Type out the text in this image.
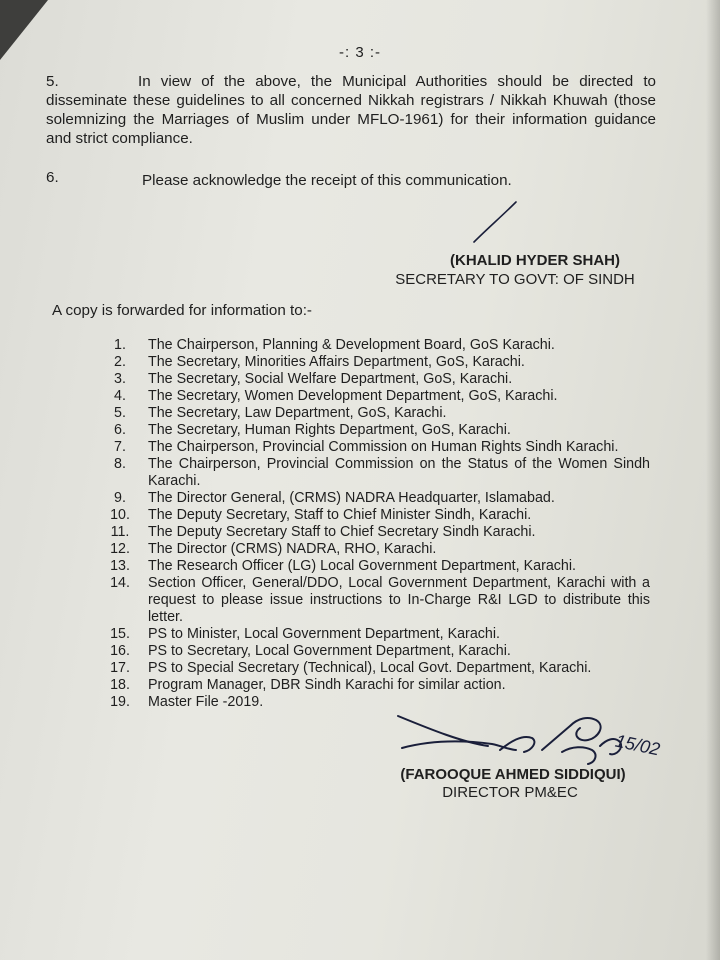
-: 3 :-
5.	In view of the above, the Municipal Authorities should be directed to disseminate these guidelines to all concerned Nikkah registrars / Nikkah Khuwah (those solemnizing the Marriages of Muslim under MFLO-1961) for their information guidance and strict compliance.
6.	Please acknowledge the receipt of this communication.
(KHALID HYDER SHAH)
SECRETARY TO GOVT: OF SINDH
A copy is forwarded for information to:-
1.	The Chairperson, Planning & Development Board, GoS Karachi.
2.	The Secretary, Minorities Affairs Department, GoS, Karachi.
3.	The Secretary, Social Welfare Department, GoS, Karachi.
4.	The Secretary, Women Development Department, GoS, Karachi.
5.	The Secretary, Law Department, GoS, Karachi.
6.	The Secretary, Human Rights Department, GoS, Karachi.
7.	The Chairperson, Provincial Commission on Human Rights Sindh Karachi.
8.	The Chairperson, Provincial Commission on the Status of the Women Sindh Karachi.
9.	The Director General, (CRMS) NADRA Headquarter, Islamabad.
10.	The Deputy Secretary, Staff to Chief Minister Sindh, Karachi.
11.	The Deputy Secretary Staff to Chief Secretary Sindh Karachi.
12.	The Director (CRMS) NADRA, RHO, Karachi.
13.	The Research Officer (LG) Local Government Department, Karachi.
14.	Section Officer, General/DDO, Local Government Department, Karachi with a request to please issue instructions to In-Charge R&I LGD to distribute this letter.
15.	PS to Minister, Local Government Department, Karachi.
16.	PS to Secretary, Local Government Department, Karachi.
17.	PS to Special Secretary (Technical), Local Govt. Department, Karachi.
18.	Program Manager, DBR Sindh Karachi for similar action.
19.	Master File -2019.
15/02
(FAROOQUE AHMED SIDDIQUI)
DIRECTOR PM&EC
